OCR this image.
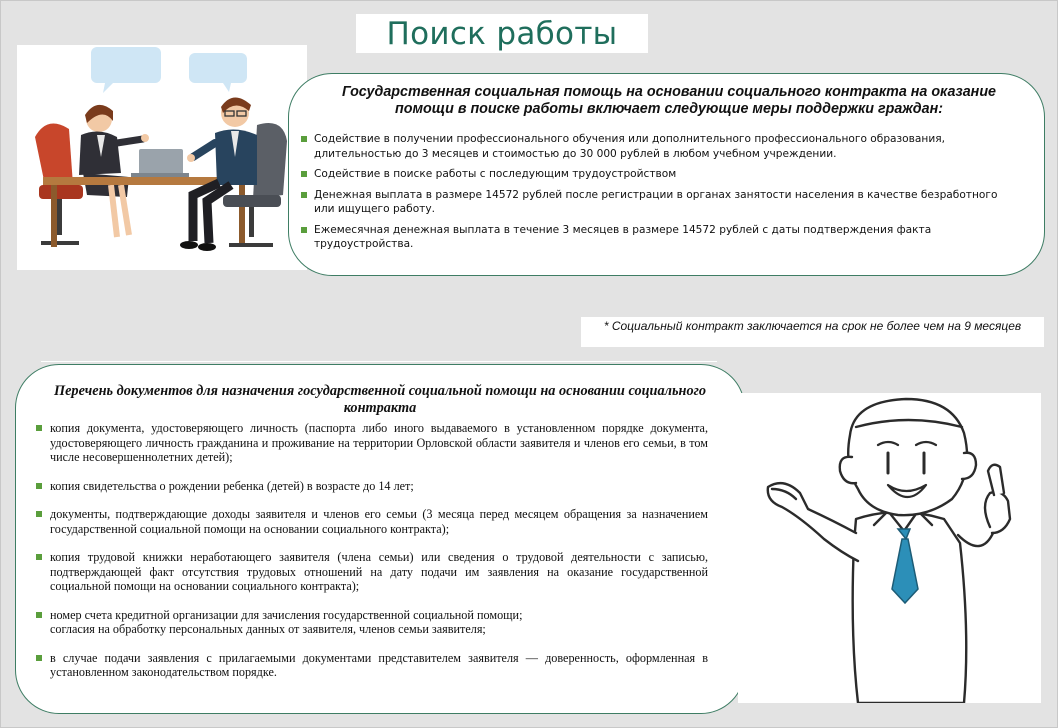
Поиск работы
Государственная социальная помощь на основании социального контракта на оказание помощи в поиске работы включает следующие меры поддержки граждан:
Содействие в получении профессионального обучения или дополнительного профессионального образования, длительностью до 3 месяцев и стоимостью до 30 000 рублей в любом учебном учреждении.
Содействие в поиске работы с последующим трудоустройством
Денежная выплата в размере 14572 рублей после регистрации в органах занятости населения в качестве безработного или ищущего работу.
Ежемесячная денежная выплата в течение 3 месяцев в размере 14572 рублей с даты подтверждения факта трудоустройства.
* Социальный контракт заключается на срок не более чем на 9 месяцев
Перечень документов для назначения государственной социальной помощи на основании социального контракта
копия документа, удостоверяющего личность (паспорта либо иного выдаваемого в установленном порядке документа, удостоверяющего личность гражданина и проживание на территории Орловской области заявителя и членов его семьи, в том числе несовершеннолетних детей);
копия свидетельства о рождении ребенка (детей) в возрасте до 14 лет;
документы, подтверждающие доходы заявителя и членов его семьи (3 месяца перед месяцем обращения за назначением государственной социальной помощи на основании социального контракта);
копия трудовой книжки неработающего заявителя (члена семьи) или сведения о трудовой деятельности с записью, подтверждающей факт отсутствия трудовых отношений на дату подачи им заявления на оказание государственной социальной помощи на основании социального контракта);
номер счета кредитной организации для зачисления государственной социальной помощи;
согласия на обработку персональных данных от заявителя, членов семьи заявителя;
в случае подачи заявления с прилагаемыми документами представителем заявителя — доверенность, оформленная в установленном законодательством порядке.
